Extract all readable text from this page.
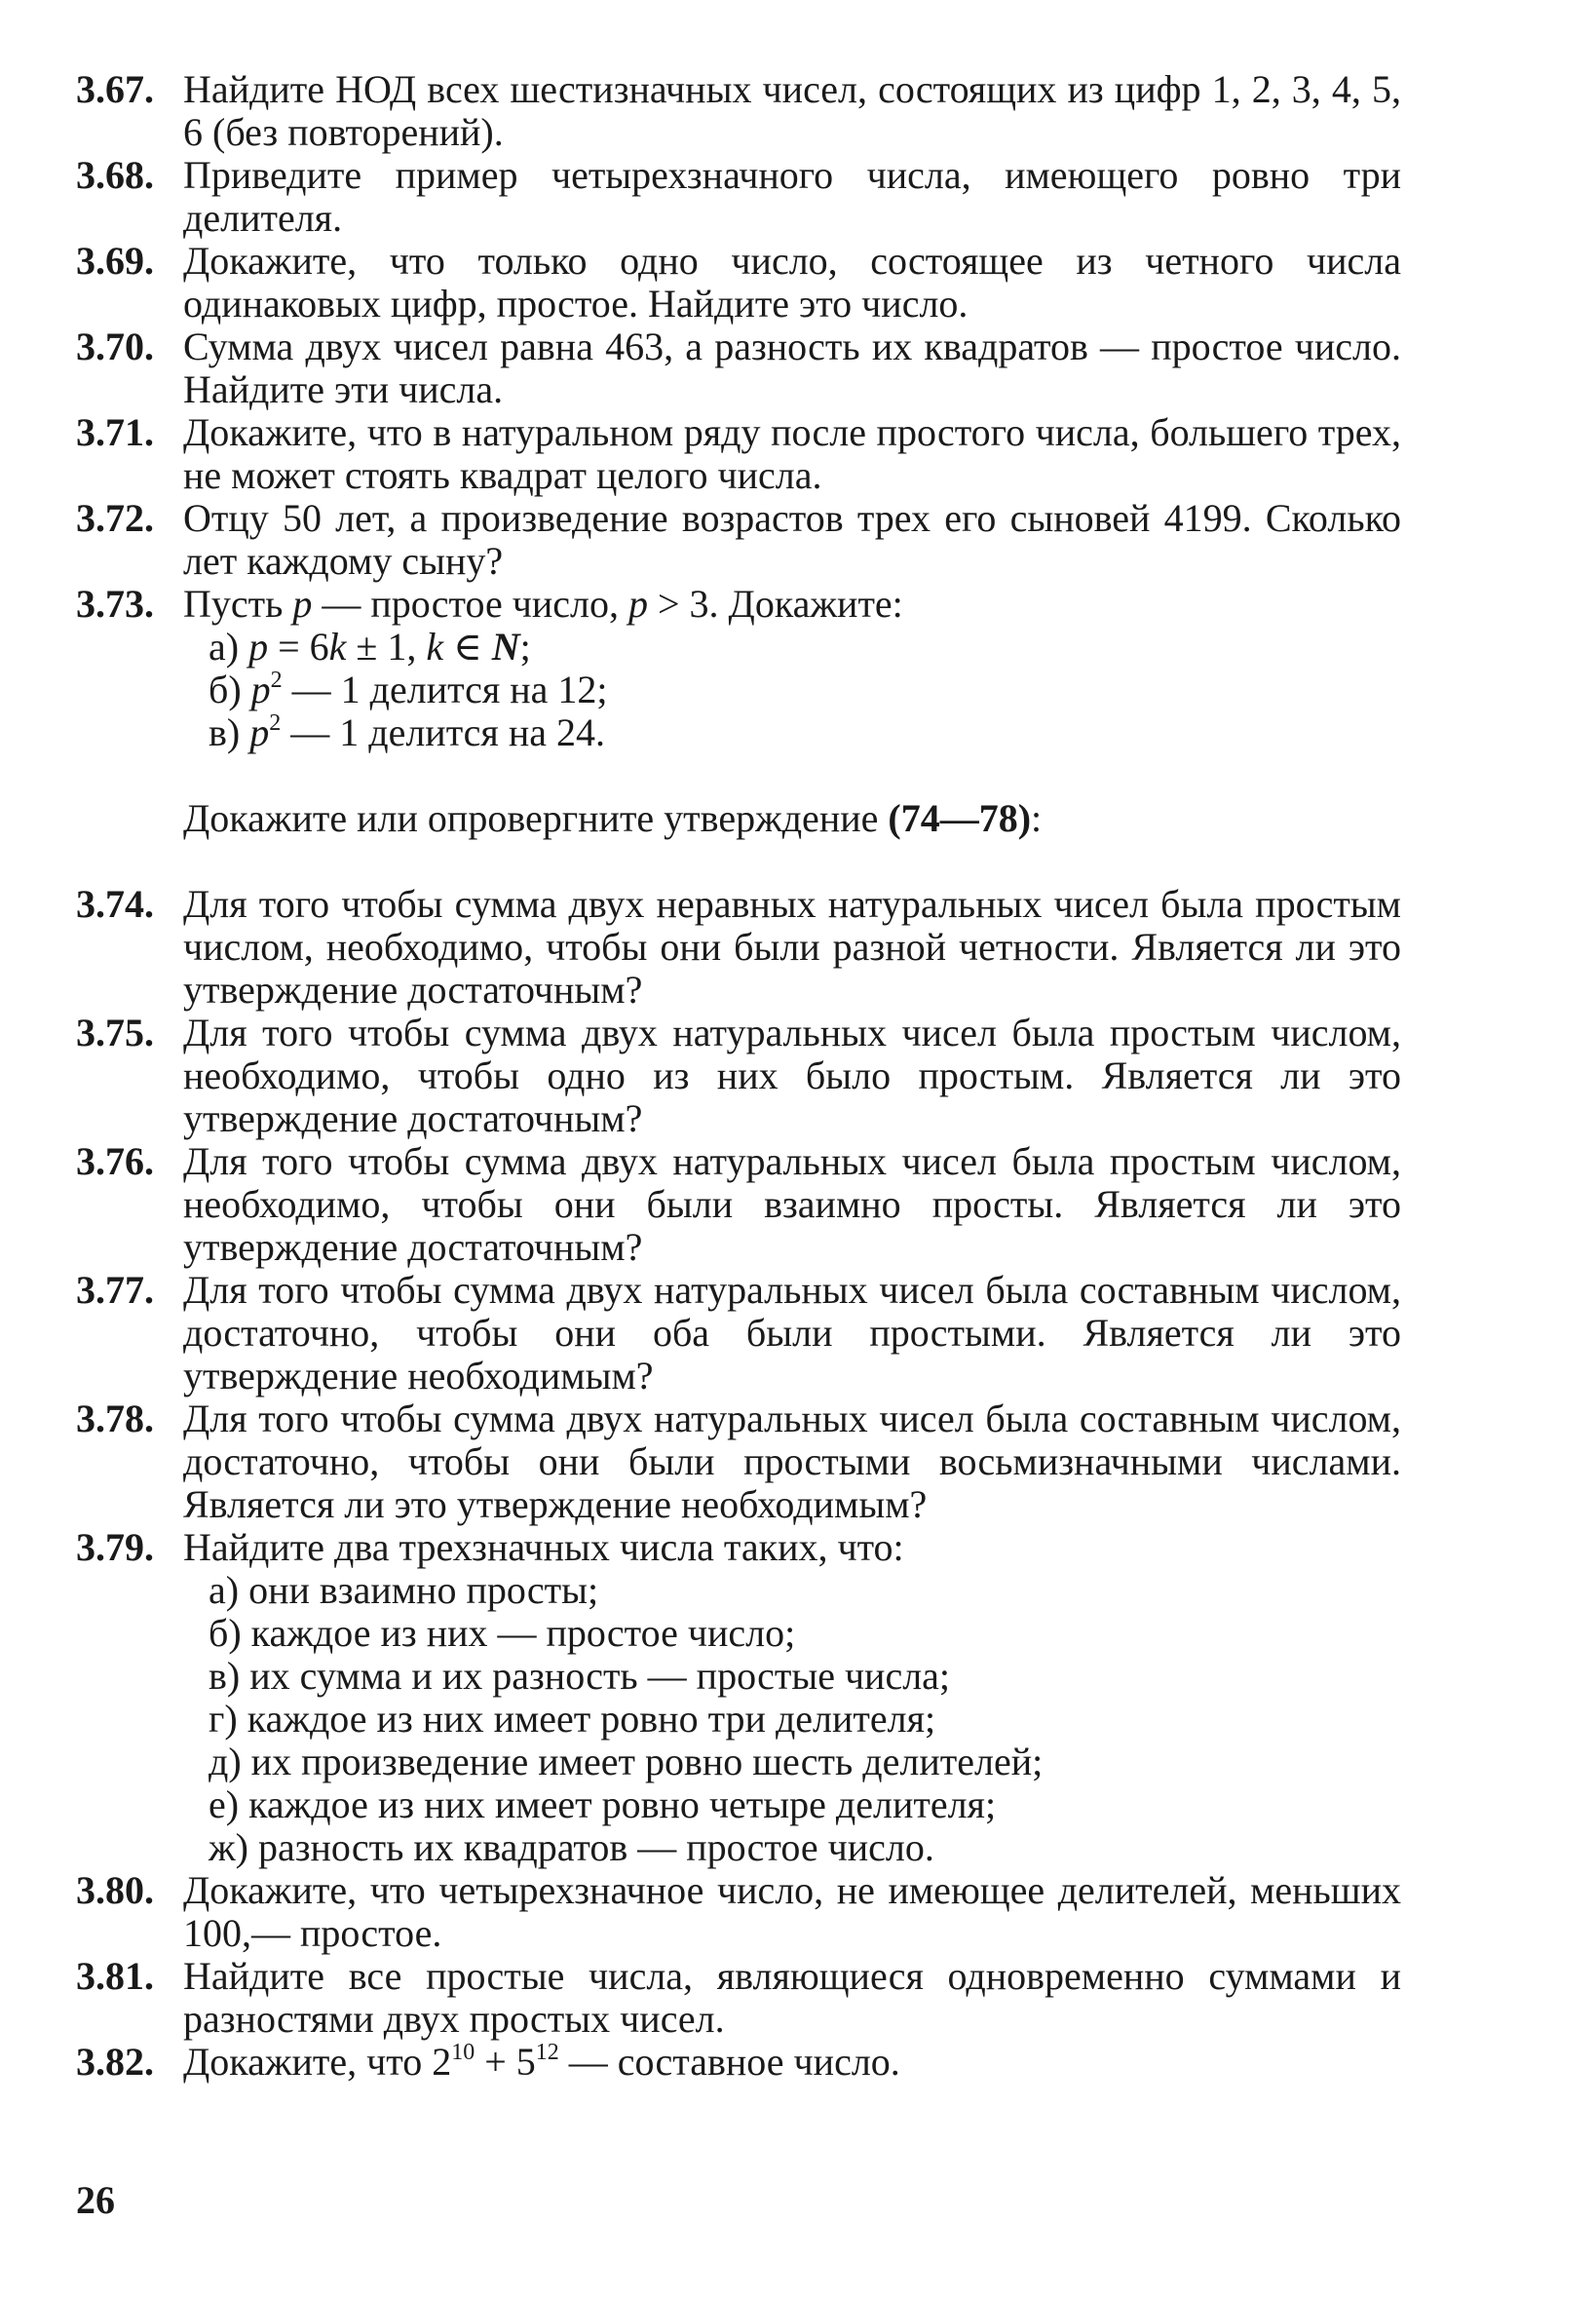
3.67. Найдите НОД всех шестизначных чисел, состоящих из цифр 1, 2, 3, 4, 5, 6 (без повторений).
3.68. Приведите пример четырехзначного числа, имеющего ровно три делителя.
3.69. Докажите, что только одно число, состоящее из четного числа одинаковых цифр, простое. Найдите это число.
3.70. Сумма двух чисел равна 463, а разность их квадратов — простое число. Найдите эти числа.
3.71. Докажите, что в натуральном ряду после простого числа, большего трех, не может стоять квадрат целого числа.
3.72. Отцу 50 лет, а произведение возрастов трех его сыновей 4199. Сколько лет каждому сыну?
3.73. Пусть p — простое число, p > 3. Докажите:
а) p = 6k ± 1, k ∈ N;
б) $p^2$ — 1 делится на 12;
в) $p^2$ — 1 делится на 24.
Докажите или опровергните утверждение (74—78):
3.74. Для того чтобы сумма двух неравных натуральных чисел была простым числом, необходимо, чтобы они были разной четности. Является ли это утверждение достаточным?
3.75. Для того чтобы сумма двух натуральных чисел была простым числом, необходимо, чтобы одно из них было простым. Является ли это утверждение достаточным?
3.76. Для того чтобы сумма двух натуральных чисел была простым числом, необходимо, чтобы они были взаимно просты. Является ли это утверждение достаточным?
3.77. Для того чтобы сумма двух натуральных чисел была составным числом, достаточно, чтобы они оба были простыми. Является ли это утверждение необходимым?
3.78. Для того чтобы сумма двух натуральных чисел была составным числом, достаточно, чтобы они были простыми восьмизначными числами. Является ли это утверждение необходимым?
3.79. Найдите два трехзначных числа таких, что:
а) они взаимно просты;
б) каждое из них — простое число;
в) их сумма и их разность — простые числа;
г) каждое из них имеет ровно три делителя;
д) их произведение имеет ровно шесть делителей;
е) каждое из них имеет ровно четыре делителя;
ж) разность их квадратов — простое число.
3.80. Докажите, что четырехзначное число, не имеющее делителей, меньших 100,— простое.
3.81. Найдите все простые числа, являющиеся одновременно суммами и разностями двух простых чисел.
3.82. Докажите, что $2^{10} + 5^{12}$ — составное число.
26
